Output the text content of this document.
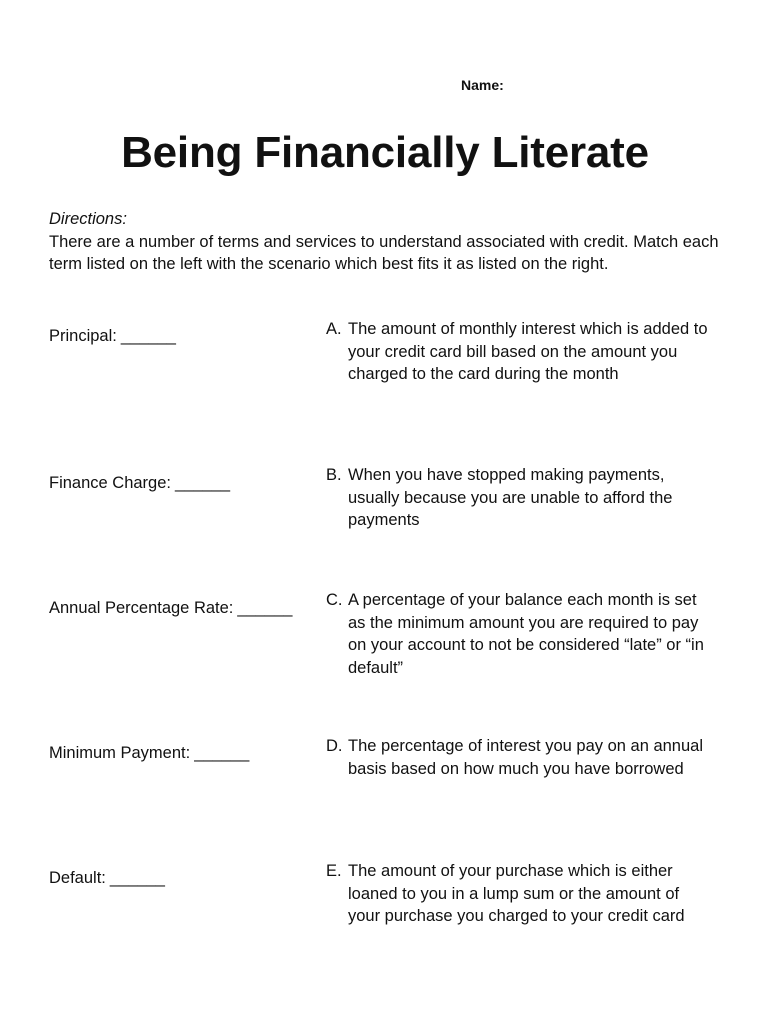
Name:

Being Financially Literate
Directions:
There are a number of terms and services to understand associated with credit. Match each term listed on the left with the scenario which best fits it as listed on the right.

Principal: ______

Finance Charge: ______

Annual Percentage Rate: ______

Minimum Payment: ______

Default: ______

A. The amount of monthly interest which is added to your credit card bill based on the amount you charged to the card during the month
B. When you have stopped making payments, usually because you are unable to afford the payments
C. A percentage of your balance each month is set as the minimum amount you are required to pay on your account to not be considered “late” or “in default”
D. The percentage of interest you pay on an annual basis based on how much you have borrowed
E. The amount of your purchase which is either loaned to you in a lump sum or the amount of your purchase you charged to your credit card
